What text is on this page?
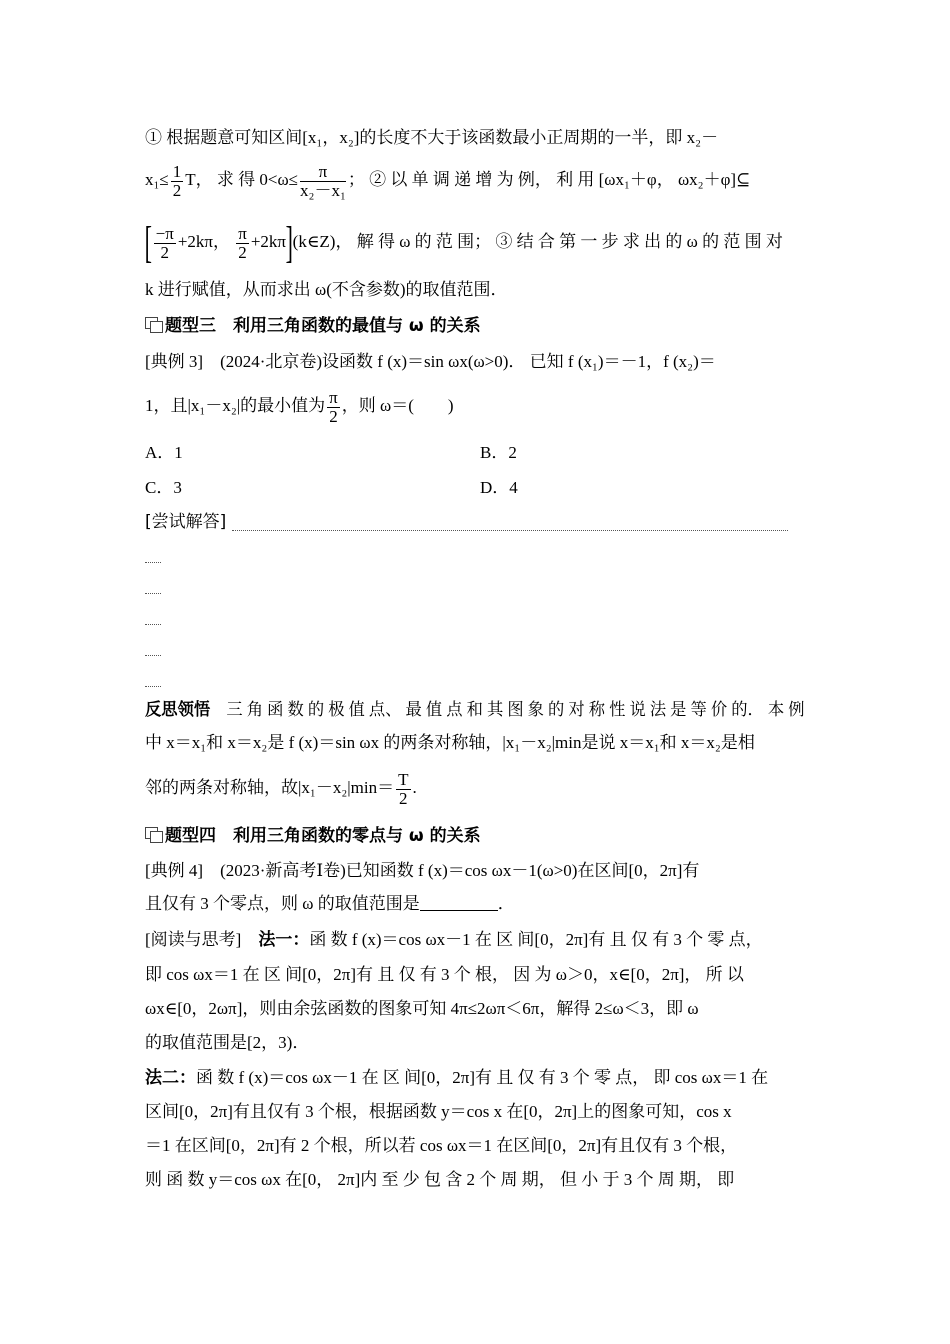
① 根据题意可知区间[x₁，x₂]的长度不大于该函数最小正周期的一半，即 x₂－
$x_1\le \frac{1}{2}$ T， 求 得 $0<\omega\le \frac{\pi}{\text{x₂－x₁}}$ ； ② 以 单 调 递 增 为 例， 利 用 [ωx₁＋φ， ωx₂＋φ]⊆
[ $\frac{-\pi}{2} +2k\pi$， $\frac{\pi}{2}$ +2kπ](k∈Z)， 解 得 ω 的 范 围； ③ 结 合 第 一 步 求 出 的 ω 的 范 围 对
k 进行赋值，从而求出 ω(不含参数)的取值范围．
题型三　利用三角函数的最值与 ω 的关系
[典例 3]　(2024·北京卷)设函数 f (x)＝sin ωx(ω>0)． 已知 f (x₁)＝－1，f (x₂)＝
1，且|x₁－x₂|的最小值为 $\frac{\pi}{2}$ ，则 ω＝(　　)
A．1	B．2
C．3	D．4
[尝试解答]
反思领悟 三 角 函 数 的 极 值 点、 最 值 点 和 其 图 象 的 对 称 性 说 法 是 等 价 的． 本 例
中 x＝x₁和 x＝x₂是 f (x)＝sin ωx 的两条对称轴，|x₁－x₂|min是说 x＝x₁和 x＝x₂是相
邻的两条对称轴，故$|x_1-x_2|\min= \frac{T}{2}$ .
题型四　利用三角函数的零点与 ω 的关系
[典例 4]　(2023·新高考Ⅰ卷)已知函数 f (x)＝cos ωx－1(ω>0)在区间[0，2π]有
且仅有 3 个零点，则 ω 的取值范围是	．
[阅读与思考]　法一：函 数 f (x)＝cos ωx－1 在 区 间[0，2π]有 且 仅 有 3 个 零 点，
即 cos ωx＝1 在 区 间[0，2π]有 且 仅 有 3 个 根， 因 为 ω＞0，x∈[0，2π]， 所 以
ωx∈[0，2ωπ]，则由余弦函数的图象可知 4π≤2ωπ＜6π，解得 2≤ω＜3，即 ω
的取值范围是[2，3)．
法二：函 数 f (x)＝cos ωx－1 在 区 间[0，2π]有 且 仅 有 3 个 零 点， 即 cos ωx＝1 在
区间[0，2π]有且仅有 3 个根，根据函数 y＝cos x 在[0，2π]上的图象可知，cos x
＝1 在区间[0，2π]有 2 个根，所以若 cos ωx＝1 在区间[0，2π]有且仅有 3 个根，
则 函 数 y＝cos ωx 在[0， 2π]内 至 少 包 含 2 个 周 期， 但 小 于 3 个 周 期， 即
